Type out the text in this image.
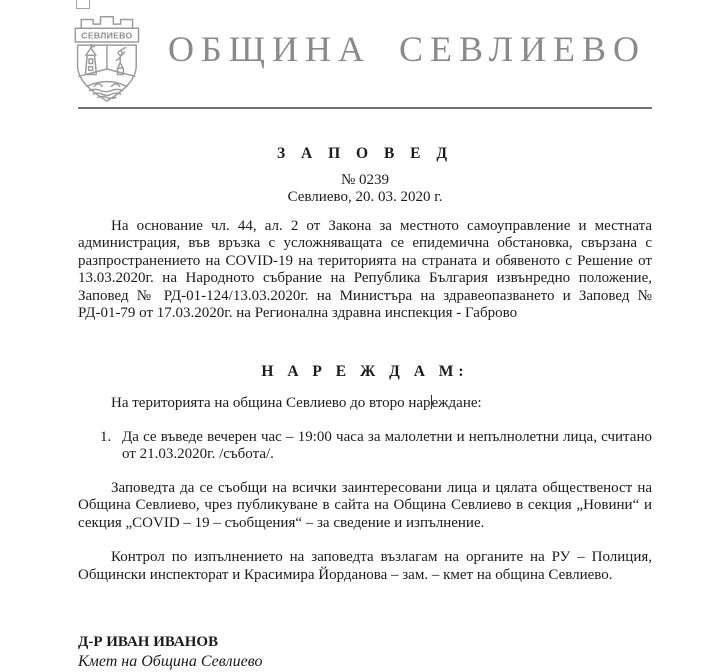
СЕВЛИЕВО ОБЩИНА СЕВЛИЕВО
З А П О В Е Д
№ 0239
Севлиево, 20. 03. 2020 г.

На основание чл. 44, ал. 2 от Закона за местното самоуправление и местната администрация, във връзка с усложняващата се епидемична обстановка, свързана с разпространението на COVID-19 на територията на страната и обявеното с Решение от 13.03.2020г. на Народното събрание на Република България извънредно положение, Заповед № РД-01-124/13.03.2020г. на Министъра на здравеопазването и Заповед № РД-01-79 от 17.03.2020г. на Регионална здравна инспекция - Габрово

Н А Р Е Ж Д А М:

На територията на община Севлиево до второ нареждане:

1. Да се въведе вечерен час – 19:00 часа за малолетни и непълнолетни лица, считано от 21.03.2020г. /събота/.

Заповедта да се съобщи на всички заинтересовани лица и цялата общественост на Община Севлиево, чрез публикуване в сайта на Община Севлиево в секция „Новини“ и секция „COVID – 19 – съобщения“ – за сведение и изпълнение.

Контрол по изпълнението на заповедта възлагам на органите на РУ – Полиция, Общински инспекторат и Красимира Йорданова – зам. – кмет на община Севлиево.

Д-Р ИВАН ИВАНОВ
Кмет на Община Севлиево
